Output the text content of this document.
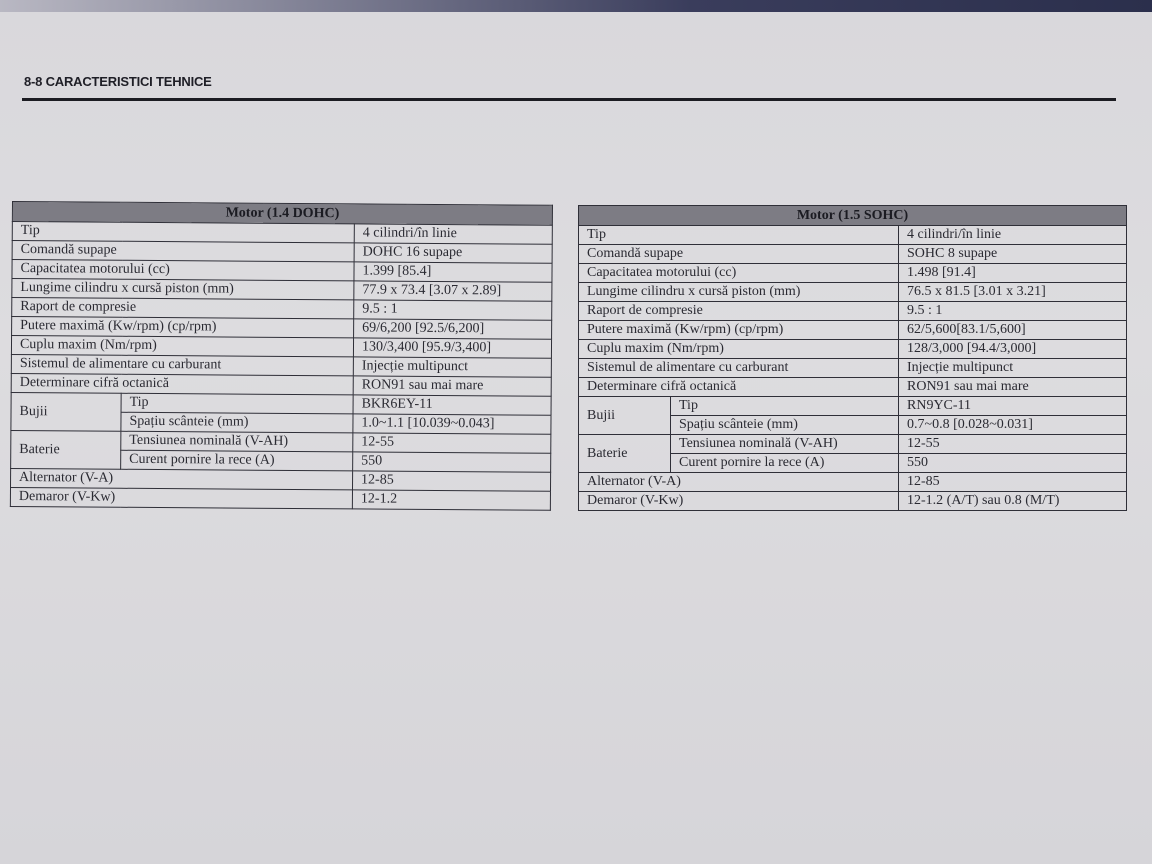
8-8 CARACTERISTICI TEHNICE
Motor (1.4 DOHC)		
Tip		4 cilindri/în linie
Comandă supape		DOHC 16 supape
Capacitatea motorului (cc)		1.399 [85.4]
Lungime cilindru x cursă piston (mm)		77.9 x 73.4 [3.07 x 2.89]
Raport de compresie		9.5 : 1
Putere maximă (Kw/rpm) (cp/rpm)		69/6,200 [92.5/6,200]
Cuplu maxim (Nm/rpm)		130/3,400 [95.9/3,400]
Sistemul de alimentare cu carburant		Injecție multipunct
Determinare cifră octanică		RON91 sau mai mare
Bujii	Tip	BKR6EY-11
	Spațiu scânteie (mm)	1.0~1.1 [10.039~0.043]
Baterie	Tensiunea nominală (V-AH)	12-55
	Curent pornire la rece (A)	550
Alternator (V-A)		12-85
Demaror (V-Kw)		12-1.2
Motor (1.5 SOHC)		
Tip		4 cilindri/în linie
Comandă supape		SOHC 8 supape
Capacitatea motorului (cc)		1.498 [91.4]
Lungime cilindru x cursă piston (mm)		76.5 x 81.5 [3.01 x 3.21]
Raport de compresie		9.5 : 1
Putere maximă (Kw/rpm) (cp/rpm)		62/5,600[83.1/5,600]
Cuplu maxim (Nm/rpm)		128/3,000 [94.4/3,000]
Sistemul de alimentare cu carburant		Injecție multipunct
Determinare cifră octanică		RON91 sau mai mare
Bujii	Tip	RN9YC-11
	Spațiu scânteie (mm)	0.7~0.8 [0.028~0.031]
Baterie	Tensiunea nominală (V-AH)	12-55
	Curent pornire la rece (A)	550
Alternator (V-A)		12-85
Demaror (V-Kw)		12-1.2 (A/T) sau 0.8 (M/T)
